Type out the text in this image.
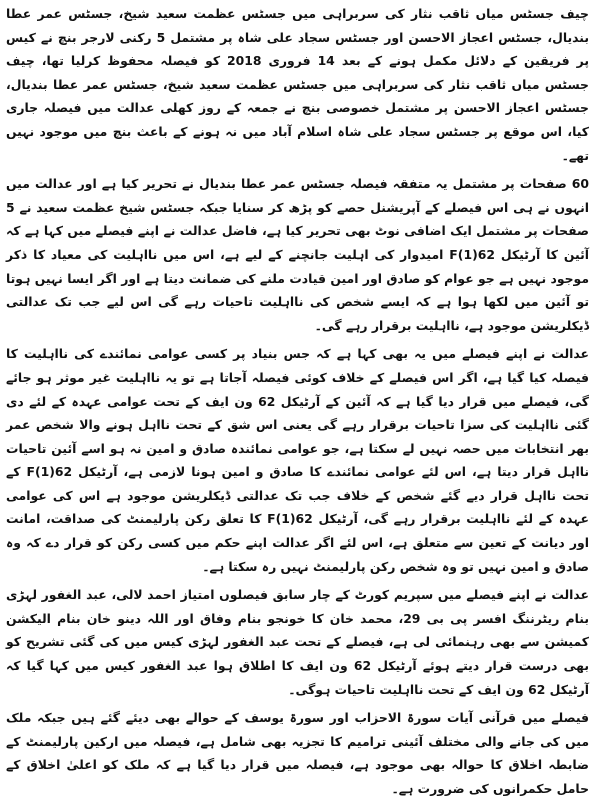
چیف جسٹس میاں ثاقب نثار کی سربراہی میں جسٹس عظمت سعید شیخ، جسٹس عمر عطا بندیال، جسٹس اعجاز الاحسن اور جسٹس سجاد علی شاہ پر مشتمل 5 رکنی لارجر بنچ نے کیس پر فریقین کے دلائل مکمل ہونے کے بعد 14 فروری 2018 کو فیصلہ محفوظ کرلیا تھا، چیف جسٹس میاں ثاقب نثار کی سربراہی میں جسٹس عظمت سعید شیخ، جسٹس عمر عطا بندیال، جسٹس اعجاز الاحسن پر مشتمل خصوصی بنچ نے جمعہ کے روز کھلی عدالت میں فیصلہ جاری کیا، اس موقع پر جسٹس سجاد علی شاہ اسلام آباد میں نہ ہونے کے باعث بنچ میں موجود نہیں تھے۔

60 صفحات پر مشتمل یہ متفقہ فیصلہ جسٹس عمر عطا بندیال نے تحریر کیا ہے اور عدالت میں انہوں نے ہی اس فیصلے کے آپریشنل حصے کو پڑھ کر سنایا جبکہ جسٹس شیخ عظمت سعید نے 5 صفحات پر مشتمل ایک اضافی نوٹ بھی تحریر کیا ہے، فاضل عدالت نے اپنے فیصلے میں کہا ہے کہ آئین کا آرٹیکل 62(1)F امیدوار کی اہلیت جانچنے کے لیے ہے، اس میں نااہلیت کی معیاد کا ذکر موجود نہیں ہے جو عوام کو صادق اور امین قیادت ملنے کی ضمانت دیتا ہے اور اگر ایسا نہیں ہوتا تو آئین میں لکھا ہوا ہے کہ ایسے شخص کی نااہلیت تاحیات رہے گی اس لیے جب تک عدالتی ڈیکلریشن موجود ہے، نااہلیت برقرار رہے گی۔

عدالت نے اپنے فیصلے میں یہ بھی کہا ہے کہ جس بنیاد پر کسی عوامی نمائندے کی نااہلیت کا فیصلہ کیا گیا ہے، اگر اس فیصلے کے خلاف کوئی فیصلہ آجاتا ہے تو یہ نااہلیت غیر موثر ہو جائے گی، فیصلے میں قرار دیا گیا ہے کہ آئین کے آرٹیکل 62 ون ایف کے تحت عوامی عہدہ کے لئے دی گئی نااہلیت کی سزا تاحیات برقرار رہے گی یعنی اس شق کے تحت نااہل ہونے والا شخص عمر بھر انتخابات میں حصہ نہیں لے سکتا ہے، جو عوامی نمائندہ صادق و امین نہ ہو اسے آئین تاحیات نااہل قرار دیتا ہے، اس لئے عوامی نمائندے کا صادق و امین ہونا لازمی ہے، آرٹیکل 62(1)F کے تحت نااہل قرار دیے گئے شخص کے خلاف جب تک عدالتی ڈیکلریشن موجود ہے اس کی عوامی عہدہ کے لئے نااہلیت برقرار رہے گی، آرٹیکل 62(1)F کا تعلق رکن پارلیمنٹ کی صداقت، امانت اور دیانت کے تعین سے متعلق ہے، اس لئے اگر عدالت اپنے حکم میں کسی رکن کو قرار دے کہ وہ صادق و امین نہیں تو وہ شخص رکن پارلیمنٹ نہیں رہ سکتا ہے۔

عدالت نے اپنے فیصلے میں سپریم کورٹ کے چار سابق فیصلوں امتیاز احمد لالی، عبد الغفور لہڑی بنام ریٹرننگ افسر پی بی 29، محمد خان کا خونجو بنام وفاق اور اللہ دینو خان بنام الیکشن کمیشن سے بھی رہنمائی لی ہے، فیصلے کے تحت عبد الغفور لہڑی کیس میں کی گئی تشریح کو بھی درست قرار دیتے ہوئے آرٹیکل 62 ون ایف کا اطلاق ہوا عبد الغفور کیس میں کہا گیا کہ آرٹیکل 62 ون ایف کے تحت نااہلیت تاحیات ہوگی۔

فیصلے میں قرآنی آیات سورۃ الاحزاب اور سورۃ یوسف کے حوالے بھی دیئے گئے ہیں جبکہ ملک میں کی جانے والی مختلف آئینی ترامیم کا تجزیہ بھی شامل ہے، فیصلہ میں ارکین پارلیمنٹ کے ضابطہ اخلاق کا حوالہ بھی موجود ہے، فیصلہ میں قرار دیا گیا ہے کہ ملک کو اعلیٰ اخلاق کے حامل حکمرانوں کی ضرورت ہے۔
